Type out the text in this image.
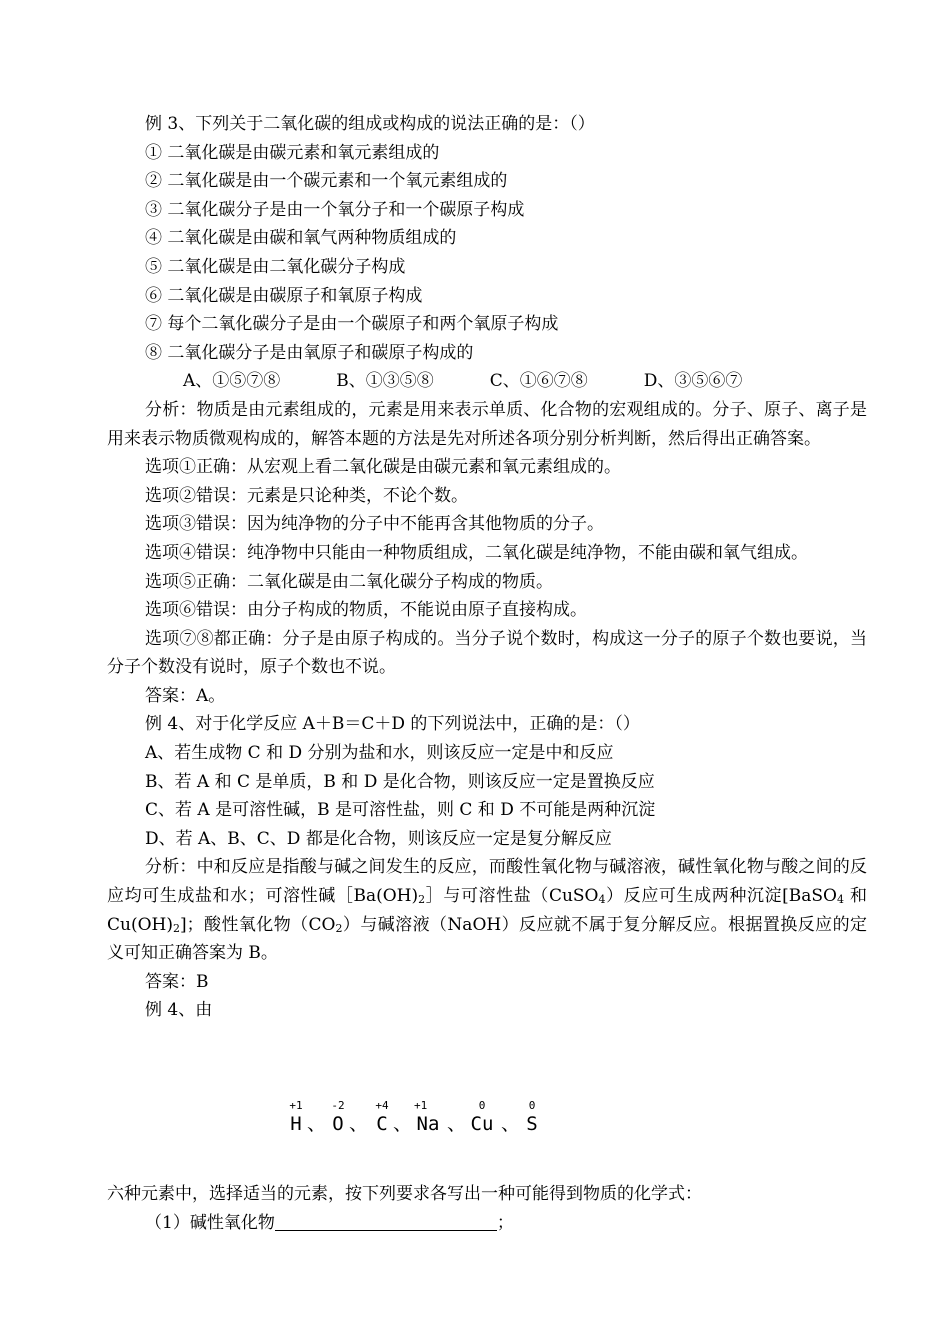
例 3、下列关于二氧化碳的组成或构成的说法正确的是：（）

① 二氧化碳是由碳元素和氧元素组成的

② 二氧化碳是由一个碳元素和一个氧元素组成的

③ 二氧化碳分子是由一个氧分子和一个碳原子构成

④ 二氧化碳是由碳和氧气两种物质组成的

⑤ 二氧化碳是由二氧化碳分子构成

⑥ 二氧化碳是由碳原子和氧原子构成

⑦ 每个二氧化碳分子是由一个碳原子和两个氧原子构成

⑧ 二氧化碳分子是由氧原子和碳原子构成的

A、①⑤⑦⑧	B、①③⑤⑧	C、①⑥⑦⑧	D、③⑤⑥⑦

分析：物质是由元素组成的，元素是用来表示单质、化合物的宏观组成的。分子、原子、离子是用来表示物质微观构成的，解答本题的方法是先对所述各项分别分析判断，然后得出正确答案。

选项①正确：从宏观上看二氧化碳是由碳元素和氧元素组成的。

选项②错误：元素是只论种类，不论个数。

选项③错误：因为纯净物的分子中不能再含其他物质的分子。

选项④错误：纯净物中只能由一种物质组成，二氧化碳是纯净物，不能由碳和氧气组成。

选项⑤正确：二氧化碳是由二氧化碳分子构成的物质。

选项⑥错误：由分子构成的物质，不能说由原子直接构成。

选项⑦⑧都正确：分子是由原子构成的。当分子说个数时，构成这一分子的原子个数也要说，当分子个数没有说时，原子个数也不说。

答案：A。

例 4、对于化学反应 A＋B＝C＋D 的下列说法中，正确的是：（）

A、若生成物 C 和 D 分别为盐和水，则该反应一定是中和反应

B、若 A 和 C 是单质，B 和 D 是化合物，则该反应一定是置换反应

C、若 A 是可溶性碱，B 是可溶性盐，则 C 和 D 不可能是两种沉淀

D、若 A、B、C、D 都是化合物，则该反应一定是复分解反应

分析：中和反应是指酸与碱之间发生的反应，而酸性氧化物与碱溶液，碱性氧化物与酸之间的反应均可生成盐和水；可溶性碱$[Ba(OH)_2]$与可溶性盐（CuSO$_4$）反应可生成两种沉淀[BaSO$_4$ 和 $Cu(OH)_2$]；酸性氧化物$(CO_2)$与碱溶液（NaOH）反应就不属于复分解反应。根据置换反应的定义可知正确答案为 B。

答案：B

例 4、由

+1
H 、
-2
O 、
+4
C 、
+1
Na 、
0
Cu 、
0
S

六种元素中，选择适当的元素，按下列要求各写出一种可能得到物质的化学式：

（1）碱性氧化物	；
